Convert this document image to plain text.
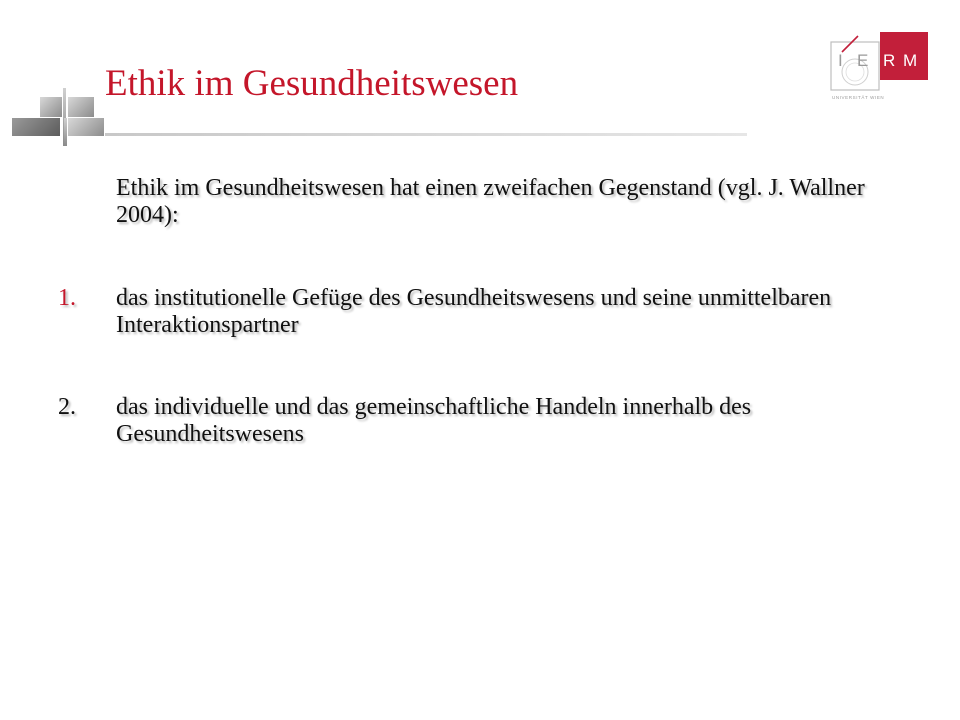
I E R M
UNIVERSITÄT WIEN
Ethik im Gesundheitswesen
Ethik im Gesundheitswesen hat einen zweifachen Gegenstand (vgl. J. Wallner 2004):
1.	das institutionelle Gefüge des Gesundheitswesens und seine unmittelbaren Interaktionspartner
2.	das individuelle und das gemeinschaftliche Handeln innerhalb des Gesundheitswesens
